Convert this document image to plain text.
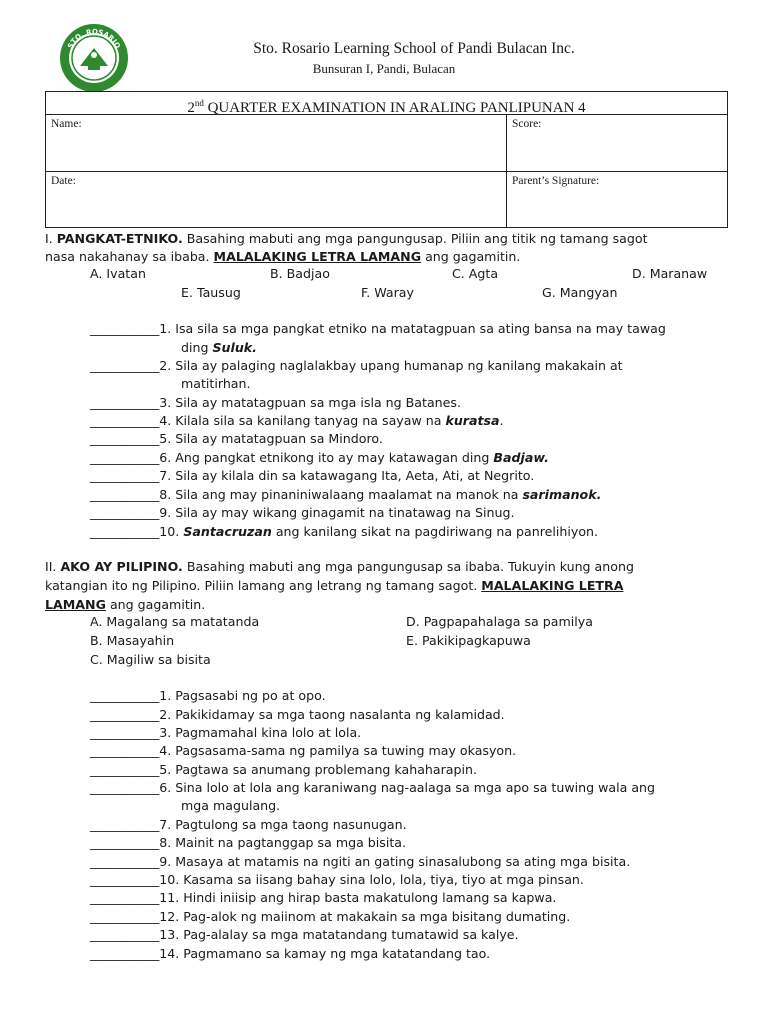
STO. ROSARIO	Sto. Rosario Learning School of Pandi Bulacan Inc.
Bunsuran I, Pandi, Bulacan
2nd QUARTER EXAMINATION IN ARALING PANLIPUNAN 4
Name:	Score:
Date:	Parent’s Signature:
I. PANGKAT-ETNIKO. Basahing mabuti ang mga pangungusap. Piliin ang titik ng tamang sagot
nasa nakahanay sa ibaba. MALALAKING LETRA LAMANG ang gagamitin.
A. Ivatan	B. Badjao	C. Agta	D. Maranaw
E. Tausug	F. Waray	G. Mangyan
___________1. Isa sila sa mga pangkat etniko na matatagpuan sa ating bansa na may tawag
ding Suluk.
___________2. Sila ay palaging naglalakbay upang humanap ng kanilang makakain at
matitirhan.
___________3. Sila ay matatagpuan sa mga isla ng Batanes.
___________4. Kilala sila sa kanilang tanyag na sayaw na kuratsa.
___________5. Sila ay matatagpuan sa Mindoro.
___________6. Ang pangkat etnikong ito ay may katawagan ding Badjaw.
___________7. Sila ay kilala din sa katawagang Ita, Aeta, Ati, at Negrito.
___________8. Sila ang may pinaniniwalaang maalamat na manok na sarimanok.
___________9. Sila ay may wikang ginagamit na tinatawag na Sinug.
___________10. Santacruzan ang kanilang sikat na pagdiriwang na panrelihiyon.
II. AKO AY PILIPINO. Basahing mabuti ang mga pangungusap sa ibaba. Tukuyin kung anong
katangian ito ng Pilipino. Piliin lamang ang letrang ng tamang sagot. MALALAKING LETRA
LAMANG ang gagamitin.
A. Magalang sa matatanda	D. Pagpapahalaga sa pamilya
B. Masayahin	E. Pakikipagkapuwa
C. Magiliw sa bisita
___________1. Pagsasabi ng po at opo.
___________2. Pakikidamay sa mga taong nasalanta ng kalamidad.
___________3. Pagmamahal kina lolo at lola.
___________4. Pagsasama-sama ng pamilya sa tuwing may okasyon.
___________5. Pagtawa sa anumang problemang kahaharapin.
___________6. Sina lolo at lola ang karaniwang nag-aalaga sa mga apo sa tuwing wala ang
mga magulang.
___________7. Pagtulong sa mga taong nasunugan.
___________8. Mainit na pagtanggap sa mga bisita.
___________9. Masaya at matamis na ngiti an gating sinasalubong sa ating mga bisita.
___________10. Kasama sa iisang bahay sina lolo, lola, tiya, tiyo at mga pinsan.
___________11. Hindi iniisip ang hirap basta makatulong lamang sa kapwa.
___________12. Pag-alok ng maiinom at makakain sa mga bisitang dumating.
___________13. Pag-alalay sa mga matatandang tumatawid sa kalye.
___________14. Pagmamano sa kamay ng mga katatandang tao.
